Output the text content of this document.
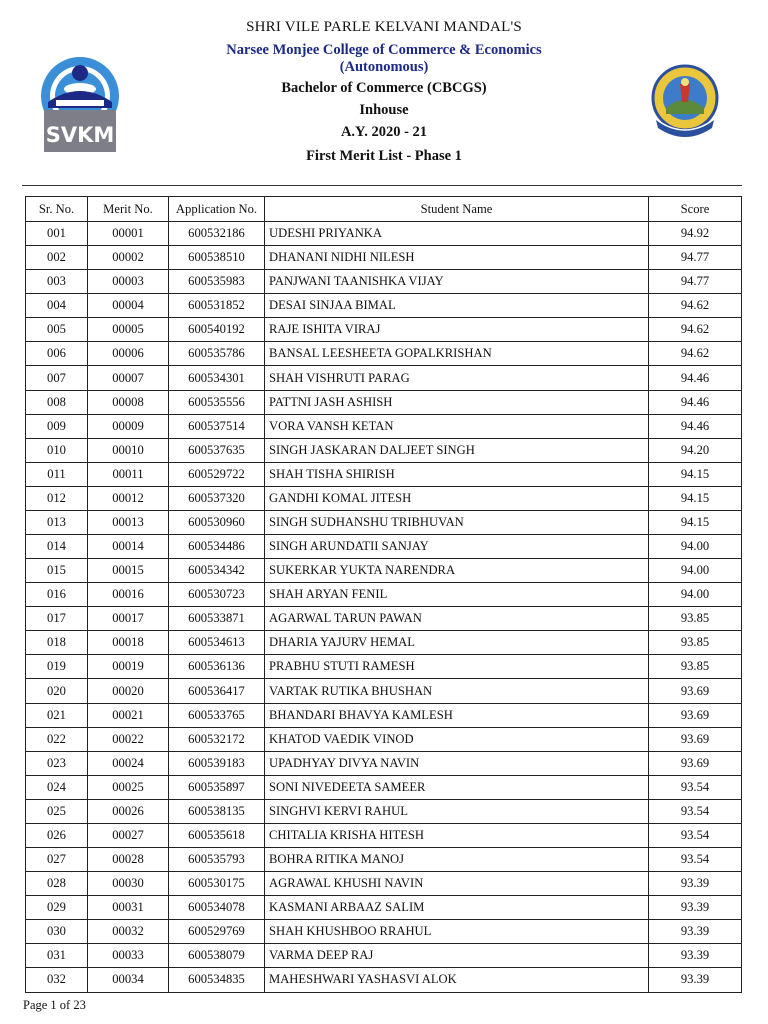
SVKM
SHRI VILE PARLE KELVANI MANDAL'S
Narsee Monjee College of Commerce & Economics
(Autonomous)
Bachelor of Commerce (CBCGS)
Inhouse
A.Y. 2020 - 21
First Merit List - Phase 1
Sr. No.	Merit No.	Application No.	Student Name	Score
001	00001	600532186	UDESHI PRIYANKA	94.92
002	00002	600538510	DHANANI NIDHI NILESH	94.77
003	00003	600535983	PANJWANI TAANISHKA VIJAY	94.77
004	00004	600531852	DESAI SINJAA BIMAL	94.62
005	00005	600540192	RAJE ISHITA VIRAJ	94.62
006	00006	600535786	BANSAL LEESHEETA GOPALKRISHAN	94.62
007	00007	600534301	SHAH VISHRUTI PARAG	94.46
008	00008	600535556	PATTNI JASH ASHISH	94.46
009	00009	600537514	VORA VANSH KETAN	94.46
010	00010	600537635	SINGH JASKARAN DALJEET SINGH	94.20
011	00011	600529722	SHAH TISHA SHIRISH	94.15
012	00012	600537320	GANDHI KOMAL JITESH	94.15
013	00013	600530960	SINGH SUDHANSHU TRIBHUVAN	94.15
014	00014	600534486	SINGH ARUNDATII SANJAY	94.00
015	00015	600534342	SUKERKAR YUKTA NARENDRA	94.00
016	00016	600530723	SHAH ARYAN FENIL	94.00
017	00017	600533871	AGARWAL TARUN PAWAN	93.85
018	00018	600534613	DHARIA YAJURV HEMAL	93.85
019	00019	600536136	PRABHU STUTI RAMESH	93.85
020	00020	600536417	VARTAK RUTIKA BHUSHAN	93.69
021	00021	600533765	BHANDARI BHAVYA KAMLESH	93.69
022	00022	600532172	KHATOD VAEDIK VINOD	93.69
023	00024	600539183	UPADHYAY DIVYA NAVIN	93.69
024	00025	600535897	SONI NIVEDEETA SAMEER	93.54
025	00026	600538135	SINGHVI KERVI RAHUL	93.54
026	00027	600535618	CHITALIA KRISHA HITESH	93.54
027	00028	600535793	BOHRA RITIKA MANOJ	93.54
028	00030	600530175	AGRAWAL KHUSHI NAVIN	93.39
029	00031	600534078	KASMANI ARBAAZ SALIM	93.39
030	00032	600529769	SHAH KHUSHBOO RRAHUL	93.39
031	00033	600538079	VARMA DEEP RAJ	93.39
032	00034	600534835	MAHESHWARI YASHASVI ALOK	93.39
Page 1 of 23
